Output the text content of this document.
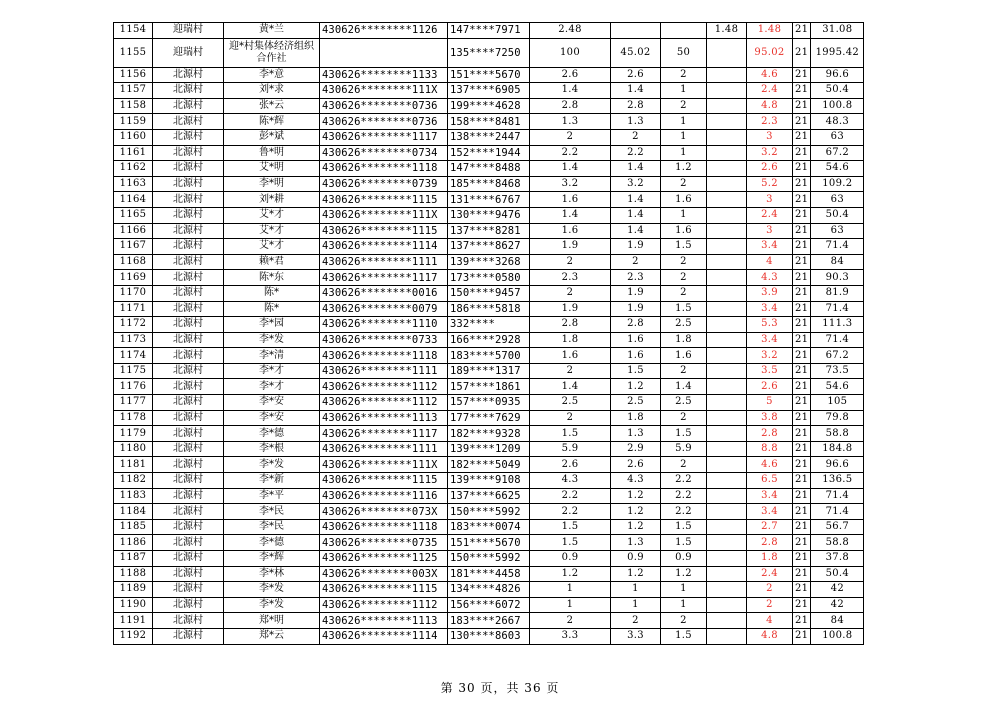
1154	迎瑞村	黄*兰	430626********1126	147****7971	2.48			1.48	1.48	21	31.08
1155	迎瑞村	迎*村集体经济组织合作社		135****7250	100	45.02	50		95.02	21	1995.42
1156	北源村	李*意	430626********1133	151****5670	2.6	2.6	2		4.6	21	96.6
1157	北源村	刘*求	430626********111X	137****6905	1.4	1.4	1		2.4	21	50.4
1158	北源村	张*云	430626********0736	199****4628	2.8	2.8	2		4.8	21	100.8
1159	北源村	陈*辉	430626********0736	158****8481	1.3	1.3	1		2.3	21	48.3
1160	北源村	彭*斌	430626********1117	138****2447	2	2	1		3	21	63
1161	北源村	鲁*明	430626********0734	152****1944	2.2	2.2	1		3.2	21	67.2
1162	北源村	艾*明	430626********1118	147****8488	1.4	1.4	1.2		2.6	21	54.6
1163	北源村	李*明	430626********0739	185****8468	3.2	3.2	2		5.2	21	109.2
1164	北源村	刘*耕	430626********1115	131****6767	1.6	1.4	1.6		3	21	63
1165	北源村	艾*才	430626********111X	130****9476	1.4	1.4	1		2.4	21	50.4
1166	北源村	艾*才	430626********1115	137****8281	1.6	1.4	1.6		3	21	63
1167	北源村	艾*才	430626********1114	137****8627	1.9	1.9	1.5		3.4	21	71.4
1168	北源村	赖*君	430626********1111	139****3268	2	2	2		4	21	84
1169	北源村	陈*东	430626********1117	173****0580	2.3	2.3	2		4.3	21	90.3
1170	北源村	陈*	430626********0016	150****9457	2	1.9	2		3.9	21	81.9
1171	北源村	陈*	430626********0079	186****5818	1.9	1.9	1.5		3.4	21	71.4
1172	北源村	李*园	430626********1110	332****	2.8	2.8	2.5		5.3	21	111.3
1173	北源村	李*发	430626********0733	166****2928	1.8	1.6	1.8		3.4	21	71.4
1174	北源村	李*清	430626********1118	183****5700	1.6	1.6	1.6		3.2	21	67.2
1175	北源村	李*才	430626********1111	189****1317	2	1.5	2		3.5	21	73.5
1176	北源村	李*才	430626********1112	157****1861	1.4	1.2	1.4		2.6	21	54.6
1177	北源村	李*安	430626********1112	157****0935	2.5	2.5	2.5		5	21	105
1178	北源村	李*安	430626********1113	177****7629	2	1.8	2		3.8	21	79.8
1179	北源村	李*德	430626********1117	182****9328	1.5	1.3	1.5		2.8	21	58.8
1180	北源村	李*根	430626********1111	139****1209	5.9	2.9	5.9		8.8	21	184.8
1181	北源村	李*发	430626********111X	182****5049	2.6	2.6	2		4.6	21	96.6
1182	北源村	李*新	430626********1115	139****9108	4.3	4.3	2.2		6.5	21	136.5
1183	北源村	李*平	430626********1116	137****6625	2.2	1.2	2.2		3.4	21	71.4
1184	北源村	李*民	430626********073X	150****5992	2.2	1.2	2.2		3.4	21	71.4
1185	北源村	李*民	430626********1118	183****0074	1.5	1.2	1.5		2.7	21	56.7
1186	北源村	李*德	430626********0735	151****5670	1.5	1.3	1.5		2.8	21	58.8
1187	北源村	李*辉	430626********1125	150****5992	0.9	0.9	0.9		1.8	21	37.8
1188	北源村	李*林	430626********003X	181****4458	1.2	1.2	1.2		2.4	21	50.4
1189	北源村	李*发	430626********1115	134****4826	1	1	1		2	21	42
1190	北源村	李*发	430626********1112	156****6072	1	1	1		2	21	42
1191	北源村	郑*明	430626********1113	183****2667	2	2	2		4	21	84
1192	北源村	郑*云	430626********1114	130****8603	3.3	3.3	1.5		4.8	21	100.8
第 30 页，共 36 页
